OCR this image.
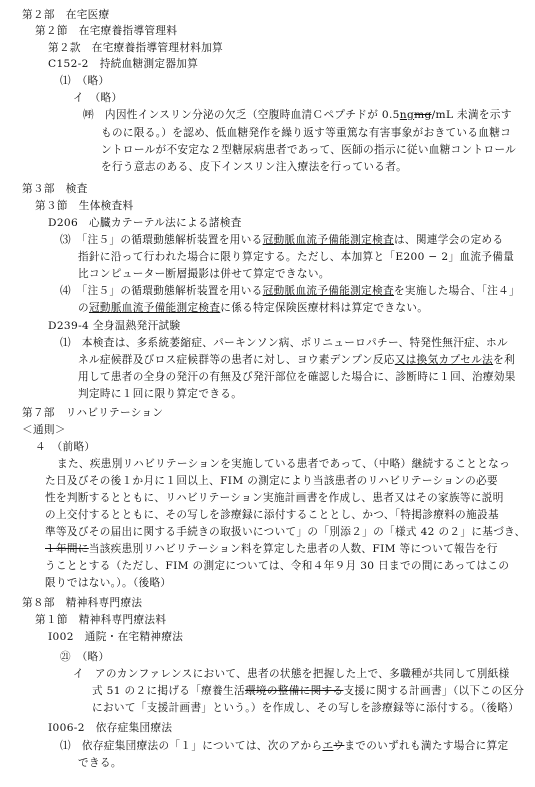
第２部　在宅医療
第２節　在宅療養指導管理料
第２款　在宅療養指導管理材料加算
C152-2　持続血糖測定器加算
⑴　（略）
イ　（略）
㈺　内因性インスリン分泌の欠乏（空腹時血清Ｃペプチドが 0.5ngmg/mL 未満を示す
ものに限る。）を認め、低血糖発作を繰り返す等重篤な有害事象がおきている血糖コ
ントロールが不安定な２型糖尿病患者であって、医師の指示に従い血糖コントロール
を行う意志のある、皮下インスリン注入療法を行っている者。
第３部　検査
第３節　生体検査料
D206　心臓カテーテル法による諸検査
⑶　「注５」の循環動態解析装置を用いる冠動脈血流予備能測定検査は、関連学会の定める
指針に沿って行われた場合に限り算定する。ただし、本加算と「E200 − 2」血流予備量
比コンピューター断層撮影は併せて算定できない。
⑷　「注５」の循環動態解析装置を用いる冠動脈血流予備能測定検査を実施した場合、「注４」
の冠動脈血流予備能測定検査に係る特定保険医療材料は算定できない。
D239-4 全身温熱発汗試験
⑴　本検査は、多系統萎縮症、パーキンソン病、ポリニューロパチー、特発性無汗症、ホル
ネル症候群及びロス症候群等の患者に対し、ヨウ素デンプン反応又は換気カプセル法を利
用して患者の全身の発汗の有無及び発汗部位を確認した場合に、診断時に１回、治療効果
判定時に１回に限り算定できる。
第７部　リハビリテーション
＜通則＞
４　（前略）
また、疾患別リハビリテーションを実施している患者であって、（中略）継続することとなっ
た日及びその後１か月に１回以上、FIM の測定により当該患者のリハビリテーションの必要
性を判断するとともに、リハビリテーション実施計画書を作成し、患者又はその家族等に説明
の上交付するとともに、その写しを診療録に添付することとし、かつ、「特掲診療料の施設基
準等及びその届出に関する手続きの取扱いについて」の「別添２」の「様式 42 の２」に基づき、
１年間に当該疾患別リハビリテーション料を算定した患者の人数、FIM 等について報告を行
うこととする（ただし、FIM の測定については、令和４年９月 30 日までの間にあってはこの
限りではない。）。（後略）
第８部　精神科専門療法
第１節　精神科専門療法料
I002　通院・在宅精神療法
㉑　（略）
イ　アのカンファレンスにおいて、患者の状態を把握した上で、多職種が共同して別紙様
式 51 の２に掲げる「療養生活環境の整備に関する支援に関する計画書」（以下この区分
において「支援計画書」という。）を作成し、その写しを診療録等に添付する。（後略）
I006-2　依存症集団療法
⑴　依存症集団療法の「１」については、次のアからエウまでのいずれも満たす場合に算定
できる。
